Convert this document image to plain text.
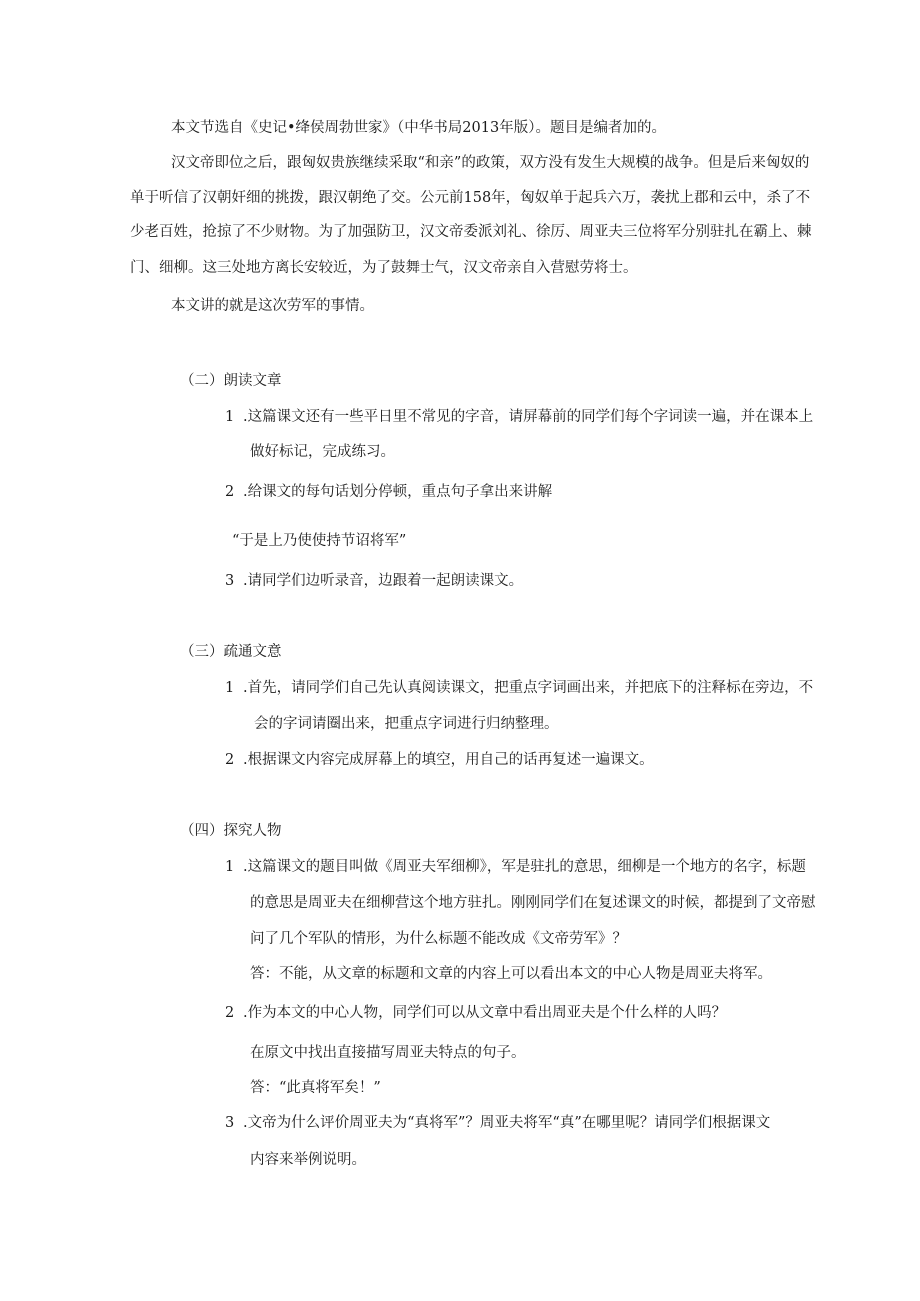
本文节选自《史记•绛侯周勃世家》（中华书局2013年版）。题目是编者加的。
汉文帝即位之后，跟匈奴贵族继续采取“和亲”的政策，双方没有发生大规模的战争。但是后来匈奴的
单于听信了汉朝奸细的挑拨，跟汉朝绝了交。公元前158年，匈奴单于起兵六万，袭扰上郡和云中，杀了不
少老百姓，抢掠了不少财物。为了加强防卫，汉文帝委派刘礼、徐厉、周亚夫三位将军分别驻扎在霸上、棘
门、细柳。这三处地方离长安较近，为了鼓舞士气，汉文帝亲自入营慰劳将士。
本文讲的就是这次劳军的事情。
（二）朗读文章
1 .这篇课文还有一些平日里不常见的字音，请屏幕前的同学们每个字词读一遍，并在课本上
做好标记，完成练习。
2 .给课文的每句话划分停顿，重点句子拿出来讲解
“于是上乃使使持节诏将军”
3 .请同学们边听录音，边跟着一起朗读课文。
（三）疏通文意
1 .首先，请同学们自己先认真阅读课文，把重点字词画出来，并把底下的注释标在旁边，不
会的字词请圈出来，把重点字词进行归纳整理。
2 .根据课文内容完成屏幕上的填空，用自己的话再复述一遍课文。
（四）探究人物
1 .这篇课文的题目叫做《周亚夫军细柳》，军是驻扎的意思，细柳是一个地方的名字，标题
的意思是周亚夫在细柳营这个地方驻扎。刚刚同学们在复述课文的时候，都提到了文帝慰
问了几个军队的情形，为什么标题不能改成《文帝劳军》？
答：不能，从文章的标题和文章的内容上可以看出本文的中心人物是周亚夫将军。
2 .作为本文的中心人物，同学们可以从文章中看出周亚夫是个什么样的人吗？
在原文中找出直接描写周亚夫特点的句子。
答：“此真将军矣！”
3 .文帝为什么评价周亚夫为“真将军”？周亚夫将军“真”在哪里呢？请同学们根据课文
内容来举例说明。
